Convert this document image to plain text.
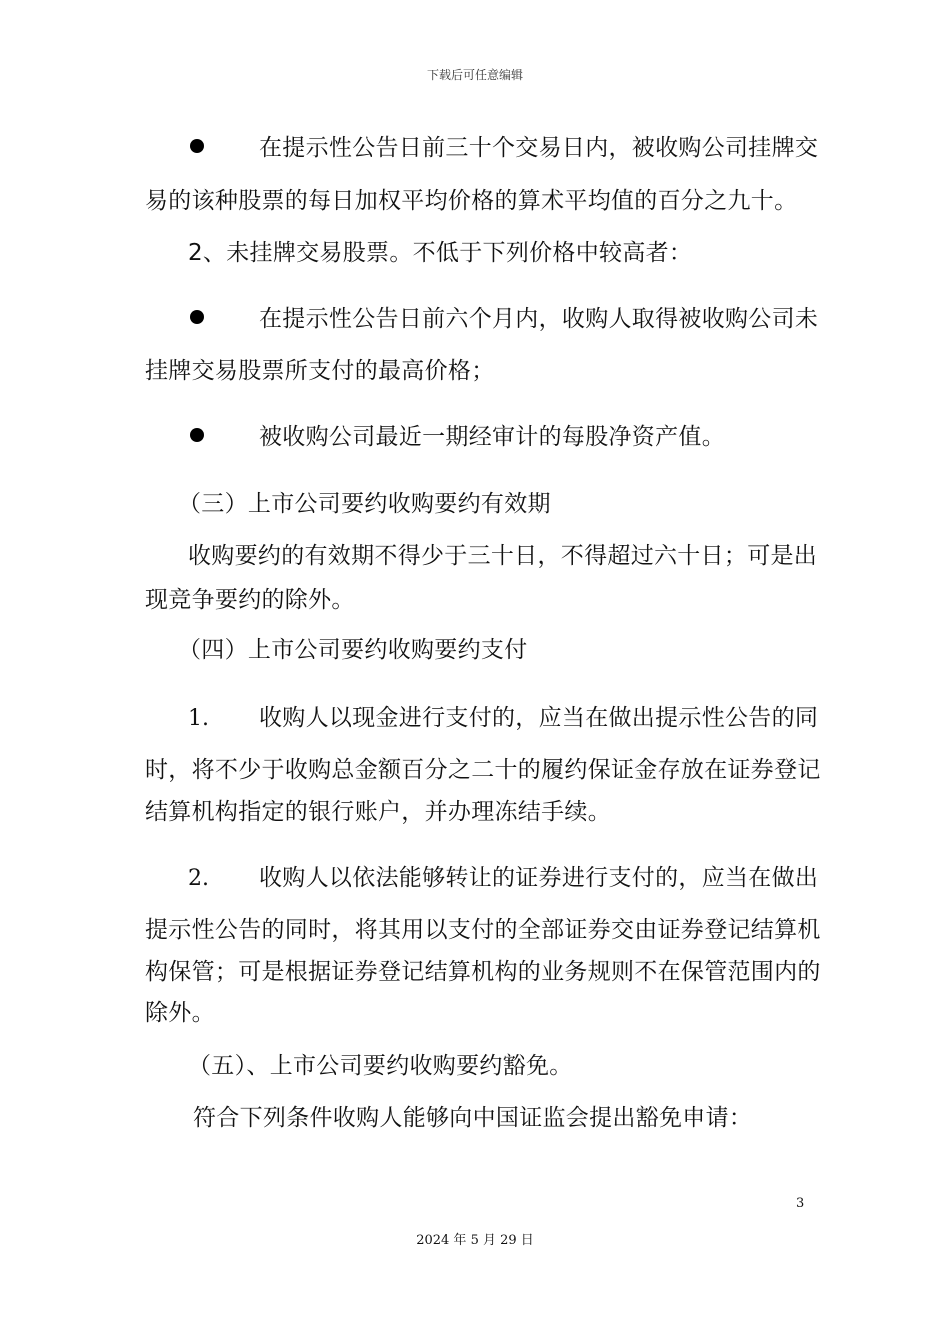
下载后可任意编辑
在提示性公告日前三十个交易日内，被收购公司挂牌交
易的该种股票的每日加权平均价格的算术平均值的百分之九十。
2、未挂牌交易股票。不低于下列价格中较高者：
在提示性公告日前六个月内，收购人取得被收购公司未
挂牌交易股票所支付的最高价格；
被收购公司最近一期经审计的每股净资产值。
（三）上市公司要约收购要约有效期
收购要约的有效期不得少于三十日，不得超过六十日；可是出
现竞争要约的除外。
（四）上市公司要约收购要约支付
1. 收购人以现金进行支付的，应当在做出提示性公告的同
时，将不少于收购总金额百分之二十的履约保证金存放在证券登记
结算机构指定的银行账户，并办理冻结手续。
2. 收购人以依法能够转让的证券进行支付的，应当在做出
提示性公告的同时，将其用以支付的全部证券交由证券登记结算机
构保管；可是根据证券登记结算机构的业务规则不在保管范围内的
除外。
（五）、上市公司要约收购要约豁免。
符合下列条件收购人能够向中国证监会提出豁免申请：
3
2024 年 5 月 29 日
